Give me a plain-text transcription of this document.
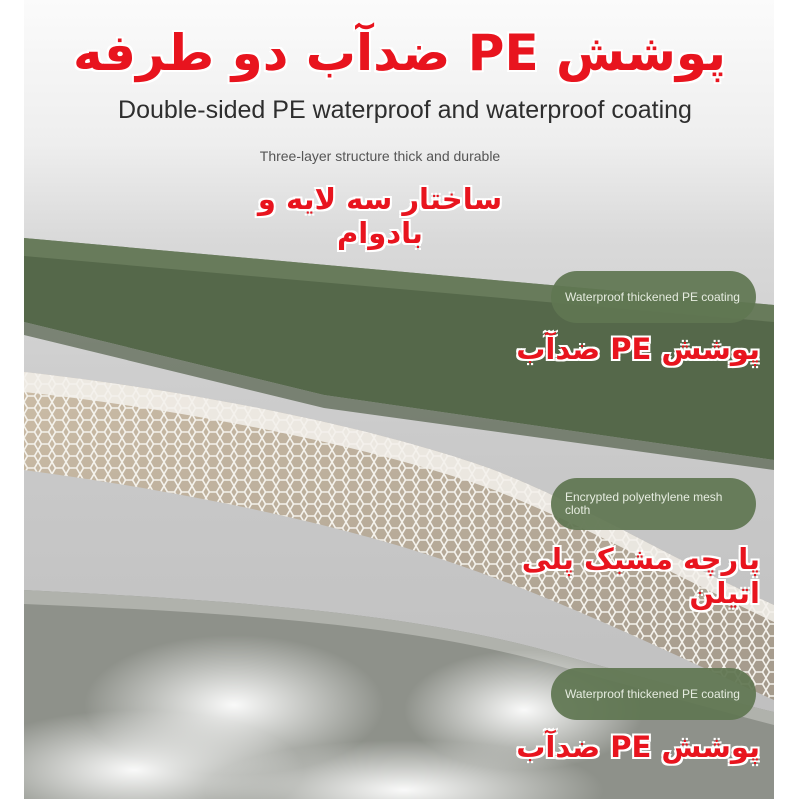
پوشش PE ضدآب دو طرفه
Double-sided PE waterproof and waterproof coating
Three-layer structure thick and durable
ساختار سه لایه و بادوام
Waterproof thickened PE coating
پوشش PE ضدآب
Encrypted polyethylene mesh cloth
پارچه مشبک پلی اتیلن
Waterproof thickened PE coating
پوشش PE ضدآب
